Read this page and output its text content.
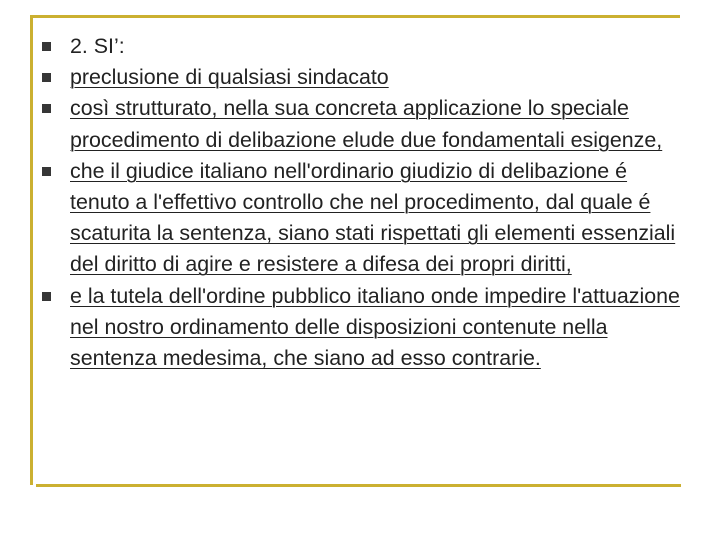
2. SI’:
preclusione di qualsiasi sindacato
così strutturato, nella sua concreta applicazione lo speciale procedimento di delibazione elude due fondamentali esigenze,
che il giudice italiano nell'ordinario giudizio di delibazione é tenuto a l'effettivo controllo che nel procedimento, dal quale é scaturita la sentenza, siano stati rispettati gli elementi essenziali del diritto di agire e resistere a difesa dei propri diritti,
e la tutela dell'ordine pubblico italiano onde impedire l'attuazione nel nostro ordinamento delle disposizioni contenute nella sentenza medesima, che siano ad esso contrarie.
